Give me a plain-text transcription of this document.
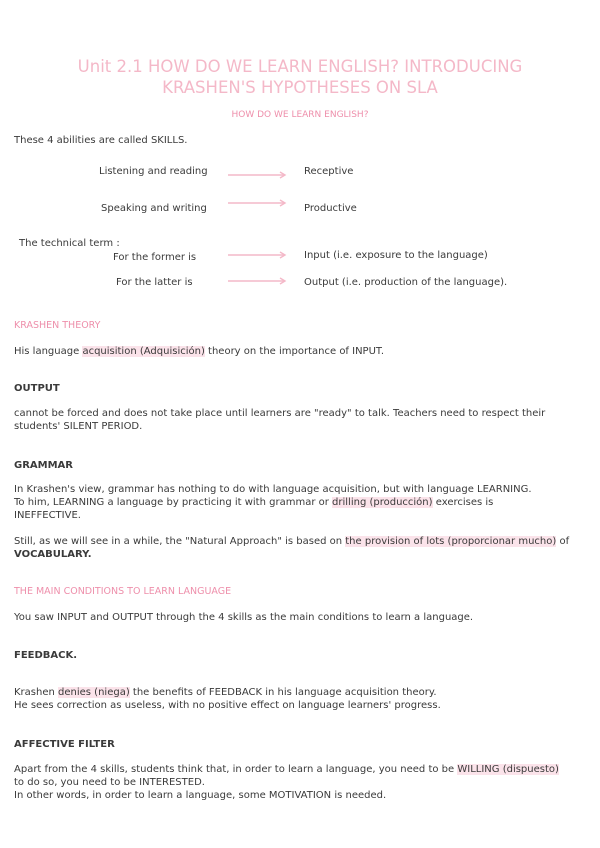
Unit 2.1 HOW DO WE LEARN ENGLISH? INTRODUCING
KRASHEN'S HYPOTHESES ON SLA
HOW DO WE LEARN ENGLISH?
These 4 abilities are called SKILLS.
Listening and reading	Receptive
Speaking and writing	Productive
The technical term :
For the former is	Input (i.e. exposure to the language)
For the latter is	Output (i.e. production of the language).
KRASHEN THEORY
His language acquisition (Adquisición) theory on the importance of INPUT.
OUTPUT
cannot be forced and does not take place until learners are "ready" to talk. Teachers need to respect their
students' SILENT PERIOD.
GRAMMAR
In Krashen's view, grammar has nothing to do with language acquisition, but with language LEARNING.
To him, LEARNING a language by practicing it with grammar or drilling (producción) exercises is
INEFFECTIVE.
Still, as we will see in a while, the "Natural Approach" is based on the provision of lots (proporcionar mucho) of
VOCABULARY.
THE MAIN CONDITIONS TO LEARN LANGUAGE
You saw INPUT and OUTPUT through the 4 skills as the main conditions to learn a language.
FEEDBACK.
Krashen denies (niega) the benefits of FEEDBACK in his language acquisition theory.
He sees correction as useless, with no positive effect on language learners' progress.
AFFECTIVE FILTER
Apart from the 4 skills, students think that, in order to learn a language, you need to be WILLING (dispuesto)
to do so, you need to be INTERESTED.
In other words, in order to learn a language, some MOTIVATION is needed.
